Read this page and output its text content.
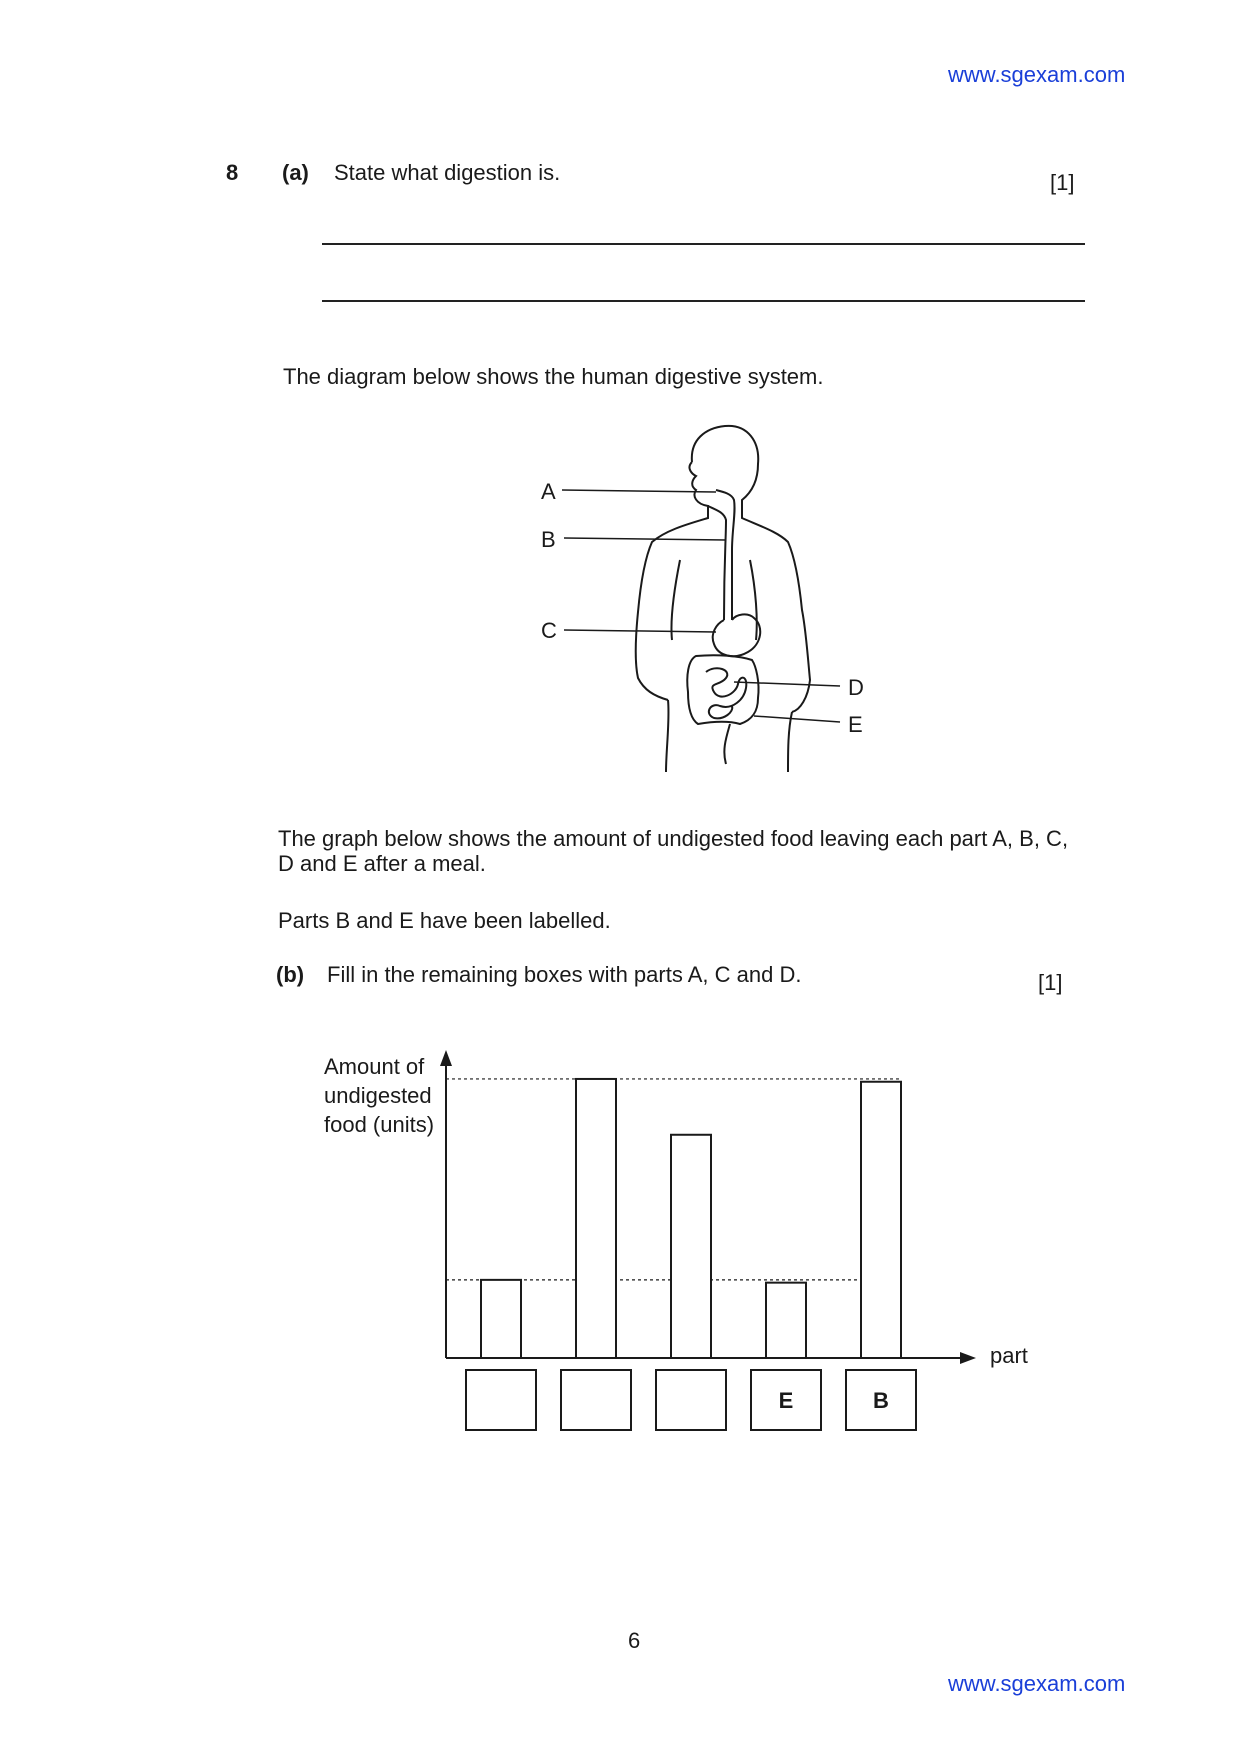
www.sgexam.com
8 (a) State what digestion is.	[1]
The diagram below shows the human digestive system.
A
B
C
D
E
The graph below shows the amount of undigested food leaving each part A, B, C, D and E after a meal.
Parts B and E have been labelled.
(b) Fill in the remaining boxes with parts A, C and D.	[1]
Amount of
undigested
food (units)
part
E	B
6
www.sgexam.com
